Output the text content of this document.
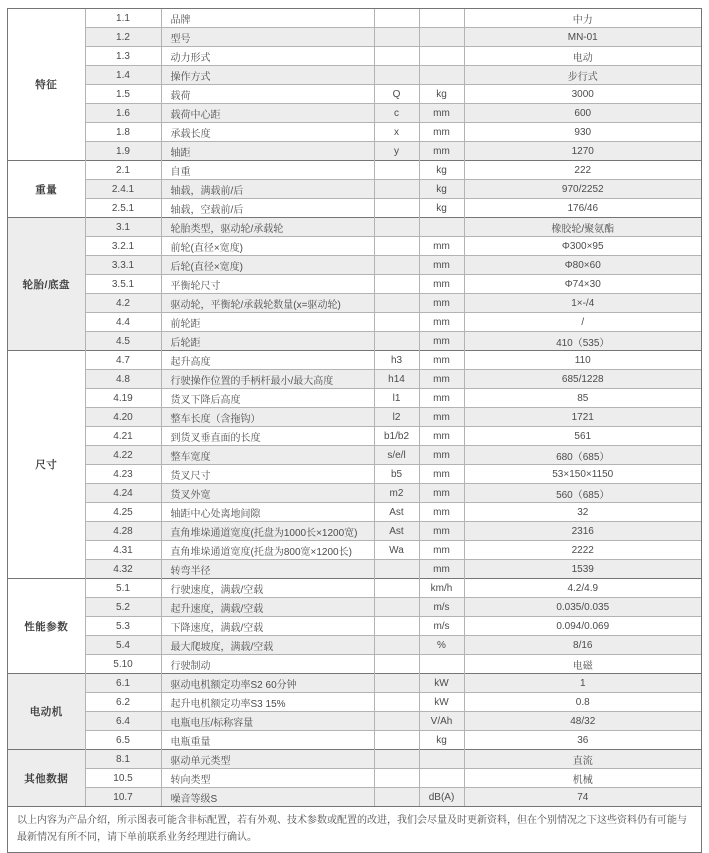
特征	1.1	品牌			中力
	1.2	型号			MN-01
	1.3	动力形式			电动
	1.4	操作方式			步行式
	1.5	载荷	Q	kg	3000
	1.6	载荷中心距	c	mm	600
	1.8	承载长度	x	mm	930
	1.9	轴距	y	mm	1270
重量	2.1	自重		kg	222
	2.4.1	轴载，满载前/后		kg	970/2252
	2.5.1	轴载，空载前/后		kg	176/46
轮胎/底盘	3.1	轮胎类型，驱动轮/承载轮			橡胶轮/聚氨酯
	3.2.1	前轮(直径×宽度)		mm	Φ300×95
	3.3.1	后轮(直径×宽度)		mm	Φ80×60
	3.5.1	平衡轮尺寸		mm	Φ74×30
	4.2	驱动轮，平衡轮/承载轮数量(x=驱动轮)		mm	1×-/4
	4.4	前轮距		mm	/
	4.5	后轮距		mm	410（535）
尺寸	4.7	起升高度	h3	mm	110
	4.8	行驶操作位置的手柄杆最小/最大高度	h14	mm	685/1228
	4.19	货叉下降后高度	l1	mm	85
	4.20	整车长度（含拖钩）	l2	mm	1721
	4.21	到货叉垂直面的长度	b1/b2	mm	561
	4.22	整车宽度	s/e/l	mm	680（685）
	4.23	货叉尺寸	b5	mm	53×150×1150
	4.24	货叉外宽	m2	mm	560（685）
	4.25	轴距中心处离地间隙	Ast	mm	32
	4.28	直角堆垛通道宽度(托盘为1000长×1200宽)	Ast	mm	2316
	4.31	直角堆垛通道宽度(托盘为800宽×1200长)	Wa	mm	2222
	4.32	转弯半径		mm	1539
性能参数	5.1	行驶速度，满载/空载		km/h	4.2/4.9
	5.2	起升速度，满载/空载		m/s	0.035/0.035
	5.3	下降速度，满载/空载		m/s	0.094/0.069
	5.4	最大爬坡度，满载/空载		%	8/16
	5.10	行驶制动			电磁
电动机	6.1	驱动电机额定功率S2 60分钟		kW	1
	6.2	起升电机额定功率S3 15%		kW	0.8
	6.4	电瓶电压/标称容量		V/Ah	48/32
	6.5	电瓶重量		kg	36
其他数据	8.1	驱动单元类型			直流
	10.5	转向类型			机械
	10.7	噪音等级S		dB(A)	74
以上内容为产品介绍，所示图表可能含非标配置，若有外观、技术参数或配置的改进，我们会尽量及时更新资料，但在个别情况之下这些资料仍有可能与最新情况有所不同，请下单前联系业务经理进行确认。
